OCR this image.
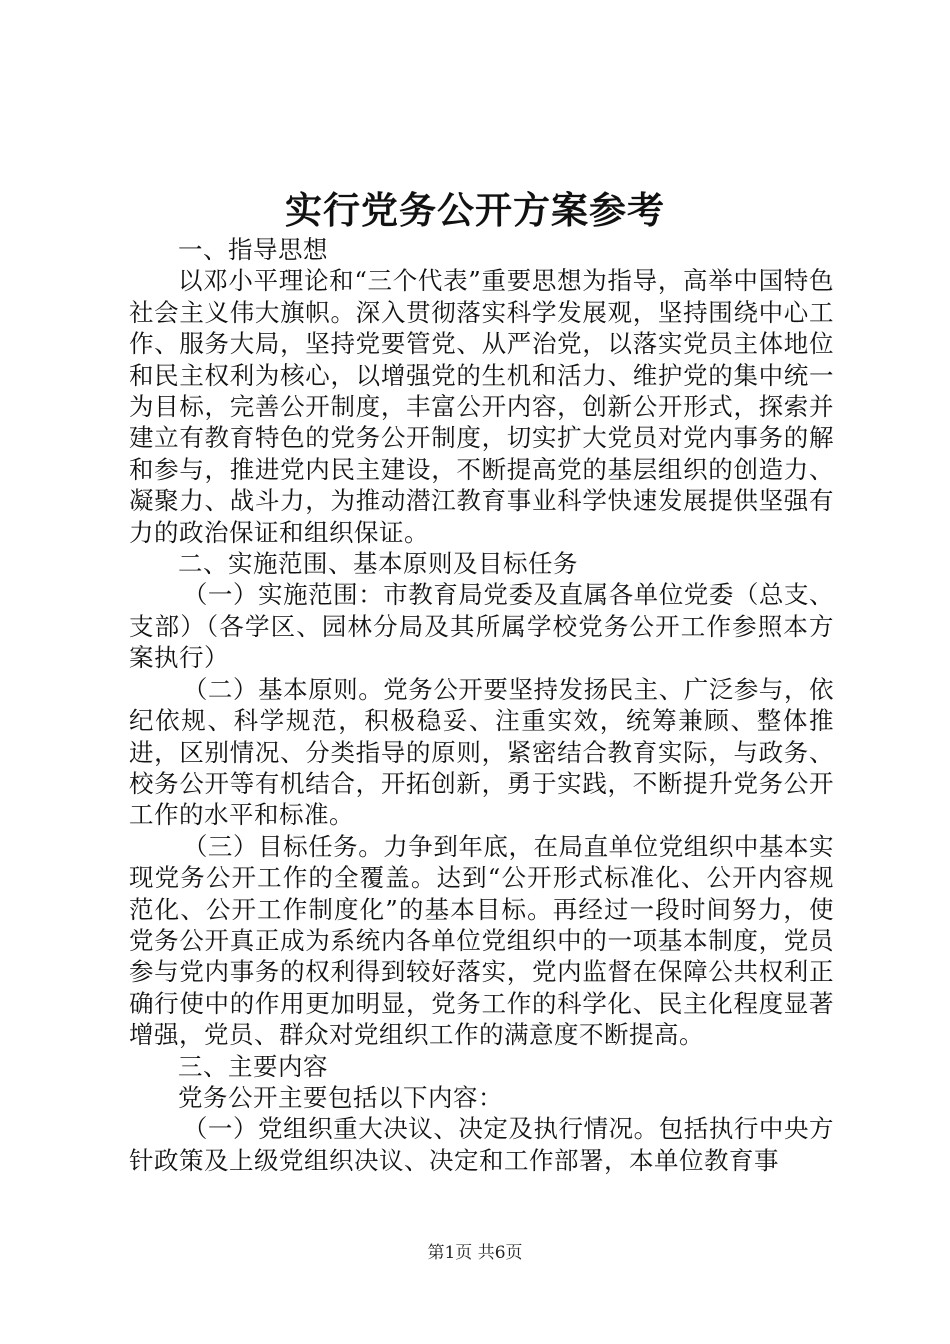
实行党务公开方案参考

一、指导思想

以邓小平理论和“三个代表”重要思想为指导，高举中国特色社会主义伟大旗帜。深入贯彻落实科学发展观，坚持围绕中心工作、服务大局，坚持党要管党、从严治党，以落实党员主体地位和民主权利为核心，以增强党的生机和活力、维护党的集中统一为目标，完善公开制度，丰富公开内容，创新公开形式，探索并建立有教育特色的党务公开制度，切实扩大党员对党内事务的解和参与，推进党内民主建设，不断提高党的基层组织的创造力、凝聚力、战斗力，为推动潜江教育事业科学快速发展提供坚强有力的政治保证和组织保证。

二、实施范围、基本原则及目标任务

（一）实施范围：市教育局党委及直属各单位党委（总支、支部）（各学区、园林分局及其所属学校党务公开工作参照本方案执行）

（二）基本原则。党务公开要坚持发扬民主、广泛参与，依纪依规、科学规范，积极稳妥、注重实效，统筹兼顾、整体推进，区别情况、分类指导的原则，紧密结合教育实际，与政务、校务公开等有机结合，开拓创新，勇于实践，不断提升党务公开工作的水平和标准。

（三）目标任务。力争到年底，在局直单位党组织中基本实现党务公开工作的全覆盖。达到“公开形式标准化、公开内容规范化、公开工作制度化”的基本目标。再经过一段时间努力，使党务公开真正成为系统内各单位党组织中的一项基本制度，党员参与党内事务的权利得到较好落实，党内监督在保障公共权利正确行使中的作用更加明显，党务工作的科学化、民主化程度显著增强，党员、群众对党组织工作的满意度不断提高。

三、主要内容

党务公开主要包括以下内容：

（一）党组织重大决议、决定及执行情况。包括执行中央方针政策及上级党组织决议、决定和工作部署，本单位教育事

第1页 共6页
